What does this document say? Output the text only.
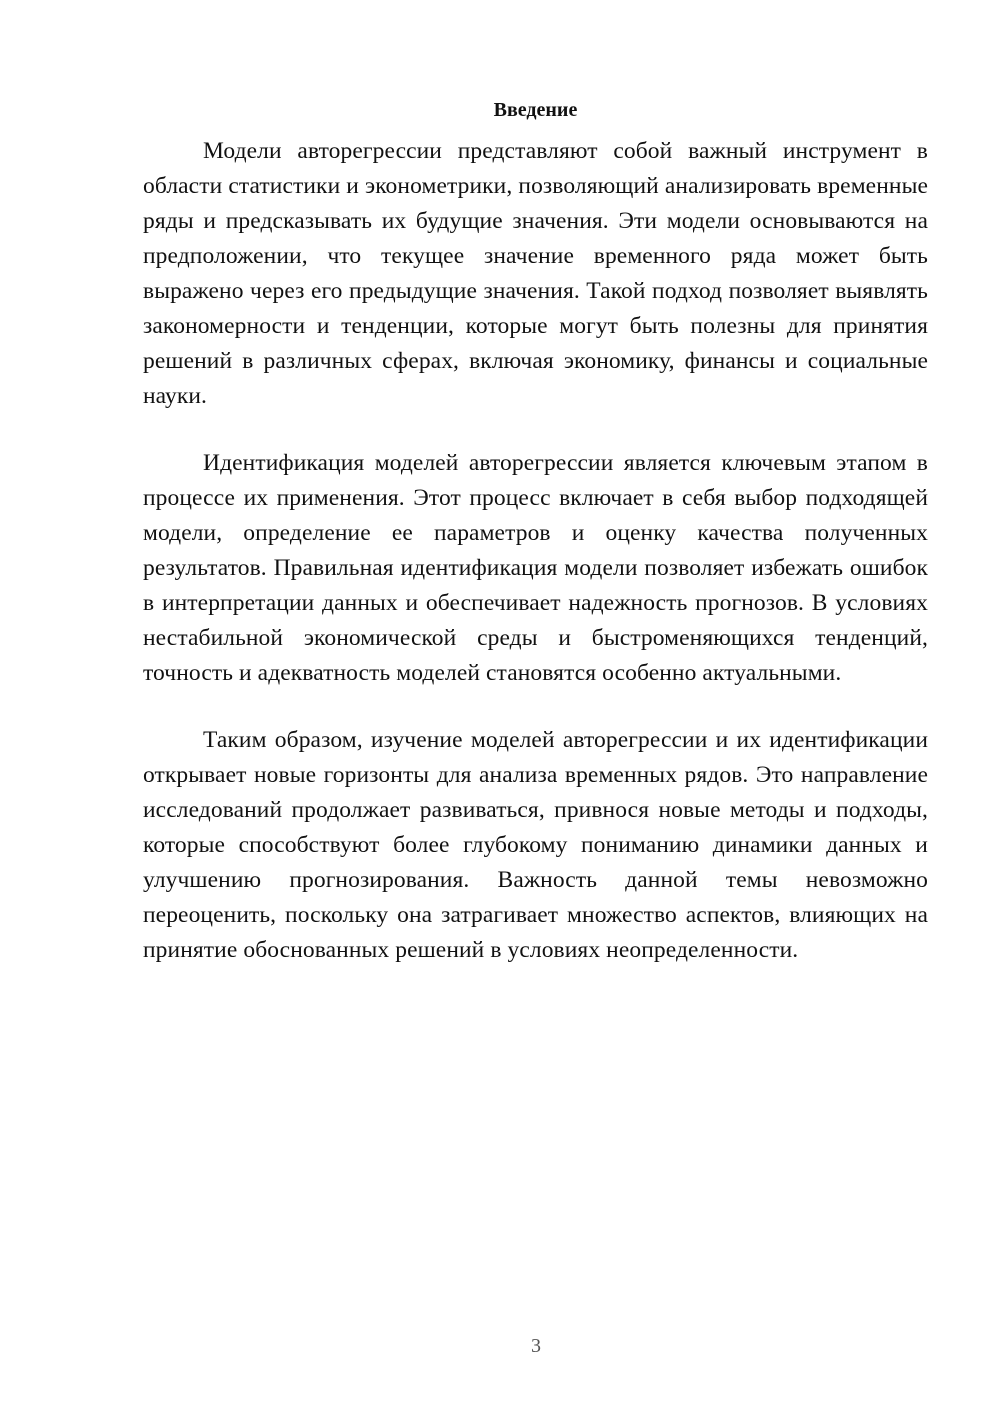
Введение

Модели авторегрессии представляют собой важный инструмент в области статистики и эконометрики, позволяющий анализировать временные ряды и предсказывать их будущие значения. Эти модели основываются на предположении, что текущее значение временного ряда может быть выражено через его предыдущие значения. Такой подход позволяет выявлять закономерности и тенденции, которые могут быть полезны для принятия решений в различных сферах, включая экономику, финансы и социальные науки.

Идентификация моделей авторегрессии является ключевым этапом в процессе их применения. Этот процесс включает в себя выбор подходящей модели, определение ее параметров и оценку качества полученных результатов. Правильная идентификация модели позволяет избежать ошибок в интерпретации данных и обеспечивает надежность прогнозов. В условиях нестабильной экономической среды и быстроменяющихся тенденций, точность и адекватность моделей становятся особенно актуальными.

Таким образом, изучение моделей авторегрессии и их идентификации открывает новые горизонты для анализа временных рядов. Это направление исследований продолжает развиваться, привнося новые методы и подходы, которые способствуют более глубокому пониманию динамики данных и улучшению прогнозирования. Важность данной темы невозможно переоценить, поскольку она затрагивает множество аспектов, влияющих на принятие обоснованных решений в условиях неопределенности.

3
